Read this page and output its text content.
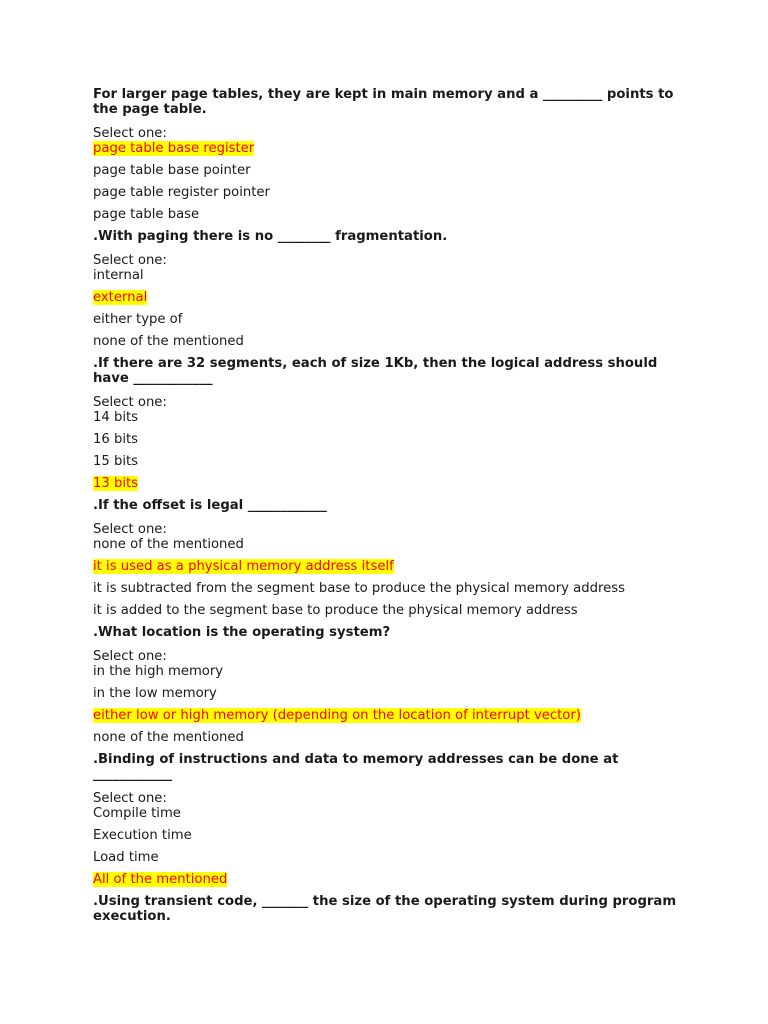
For larger page tables, they are kept in main memory and a _________ points to the page table.

Select one:
page table base register
page table base pointer
page table register pointer
page table base

.With paging there is no ________ fragmentation.

Select one:
internal
external
either type of
none of the mentioned

.If there are 32 segments, each of size 1Kb, then the logical address should have ____________

Select one:
14 bits
16 bits
15 bits
13 bits

.If the offset is legal ____________

Select one:
none of the mentioned
it is used as a physical memory address itself
it is subtracted from the segment base to produce the physical memory address
it is added to the segment base to produce the physical memory address

.What location is the operating system?

Select one:
in the high memory
in the low memory
either low or high memory (depending on the location of interrupt vector)
none of the mentioned

.Binding of instructions and data to memory addresses can be done at ____________

Select one:
Compile time
Execution time
Load time
All of the mentioned

.Using transient code, _______ the size of the operating system during program execution.
